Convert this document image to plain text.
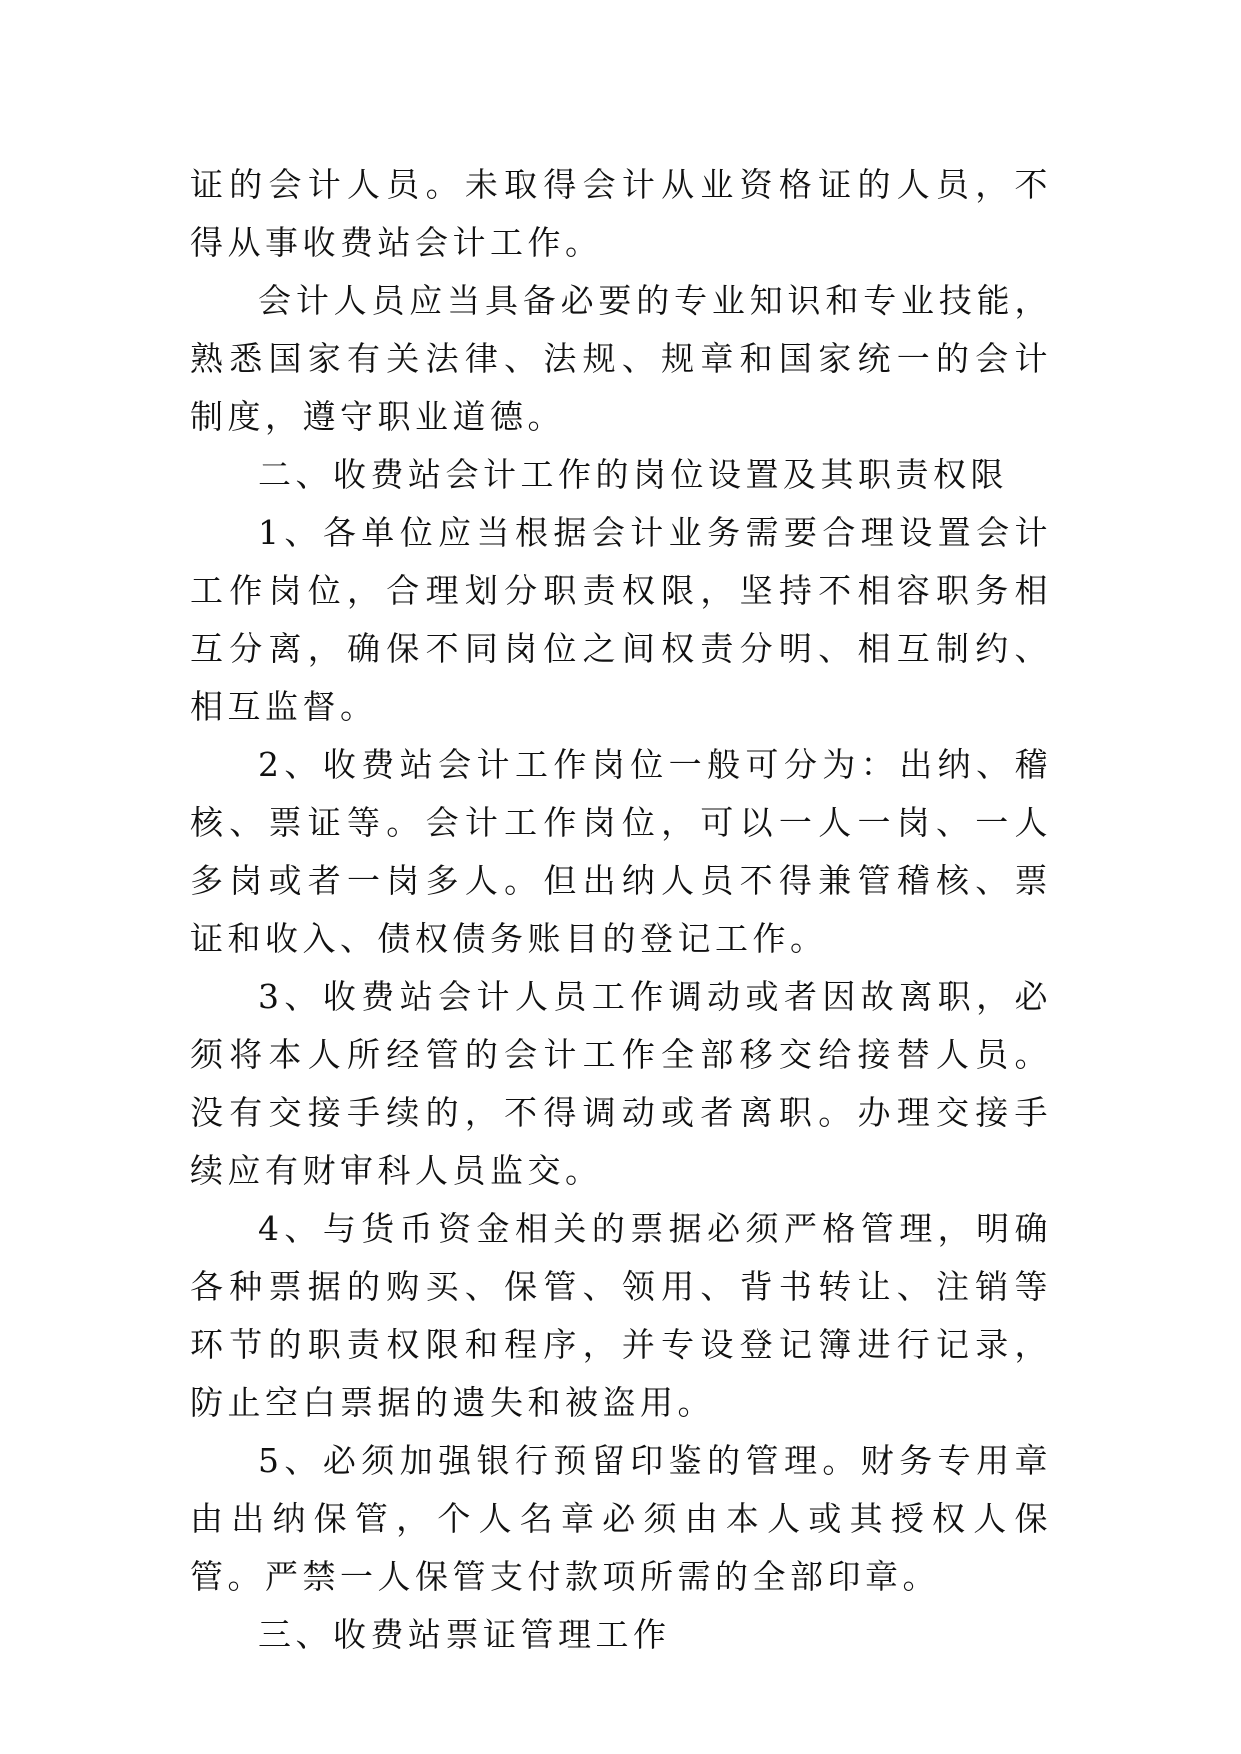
证的会计人员。未取得会计从业资格证的人员，不得从事收费站会计工作。

会计人员应当具备必要的专业知识和专业技能，熟悉国家有关法律、法规、规章和国家统一的会计制度，遵守职业道德。

二、收费站会计工作的岗位设置及其职责权限

1、各单位应当根据会计业务需要合理设置会计工作岗位，合理划分职责权限，坚持不相容职务相互分离，确保不同岗位之间权责分明、相互制约、相互监督。

2、收费站会计工作岗位一般可分为：出纳、稽核、票证等。会计工作岗位，可以一人一岗、一人多岗或者一岗多人。但出纳人员不得兼管稽核、票证和收入、债权债务账目的登记工作。

3、收费站会计人员工作调动或者因故离职，必须将本人所经管的会计工作全部移交给接替人员。没有交接手续的，不得调动或者离职。办理交接手续应有财审科人员监交。

4、与货币资金相关的票据必须严格管理，明确各种票据的购买、保管、领用、背书转让、注销等环节的职责权限和程序，并专设登记簿进行记录，防止空白票据的遗失和被盗用。

5、必须加强银行预留印鉴的管理。财务专用章由出纳保管，个人名章必须由本人或其授权人保管。严禁一人保管支付款项所需的全部印章。

三、收费站票证管理工作
